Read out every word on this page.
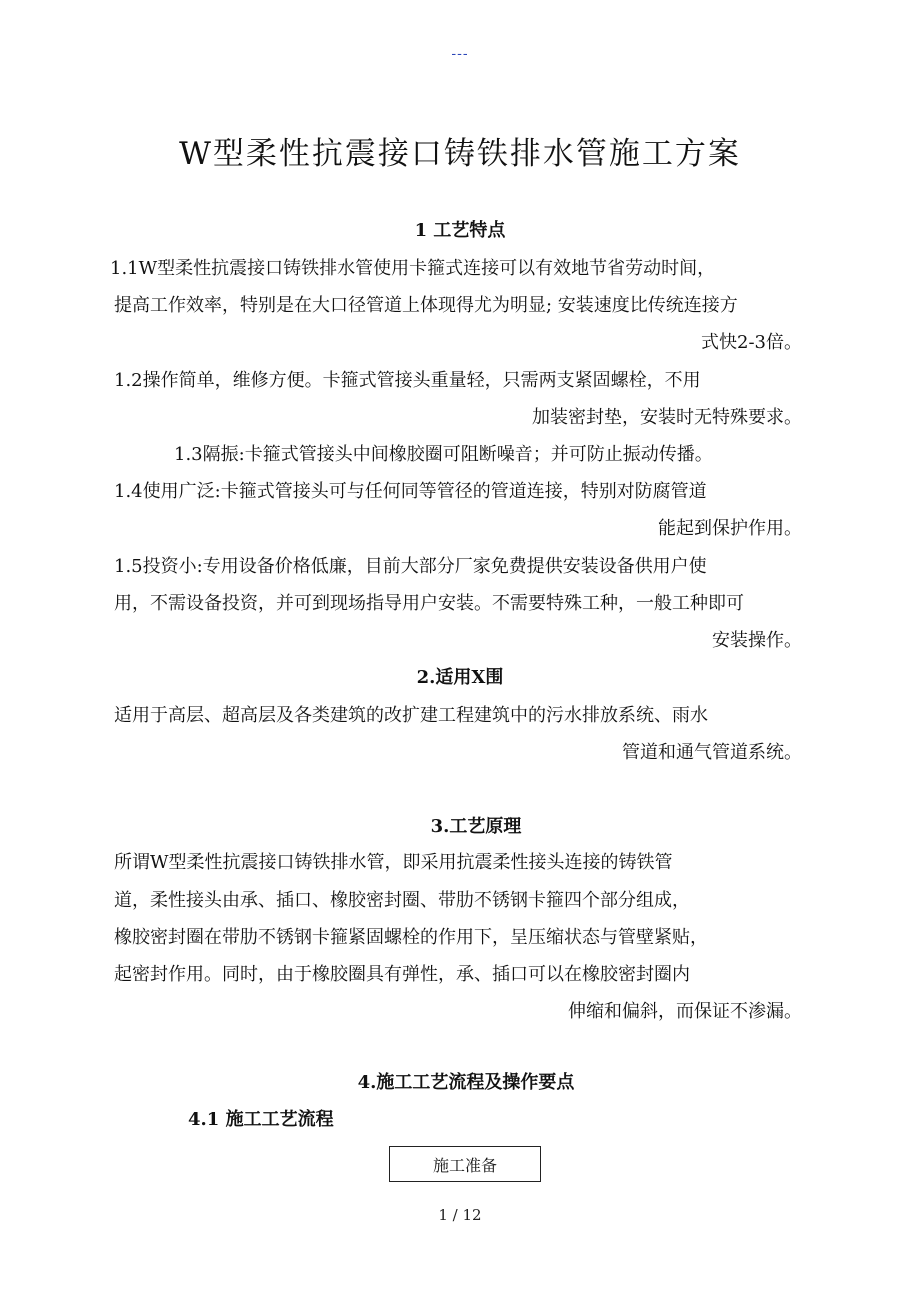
---
W型柔性抗震接口铸铁排水管施工方案
1 工艺特点
1.1W型柔性抗震接口铸铁排水管使用卡箍式连接可以有效地节省劳动时间，
提高工作效率，特别是在大口径管道上体现得尤为明显; 安装速度比传统连接方
式快2-3倍。
1.2操作简单，维修方便。卡箍式管接头重量轻，只需两支紧固螺栓，不用
加装密封垫，安装时无特殊要求。
1.3隔振:卡箍式管接头中间橡胶圈可阻断噪音；并可防止振动传播。
1.4使用广泛:卡箍式管接头可与任何同等管径的管道连接，特别对防腐管道
能起到保护作用。
1.5投资小:专用设备价格低廉，目前大部分厂家免费提供安装设备供用户使
用，不需设备投资，并可到现场指导用户安装。不需要特殊工种，一般工种即可
安装操作。
2.适用X围
适用于高层、超高层及各类建筑的改扩建工程建筑中的污水排放系统、雨水
管道和通气管道系统。
3.工艺原理
所谓W型柔性抗震接口铸铁排水管，即采用抗震柔性接头连接的铸铁管
道，柔性接头由承、插口、橡胶密封圈、带肋不锈钢卡箍四个部分组成，
橡胶密封圈在带肋不锈钢卡箍紧固螺栓的作用下，呈压缩状态与管壁紧贴，
起密封作用。同时，由于橡胶圈具有弹性，承、插口可以在橡胶密封圈内
伸缩和偏斜，而保证不渗漏。
4.施工工艺流程及操作要点
4.1 施工工艺流程
施工准备
1 / 12
